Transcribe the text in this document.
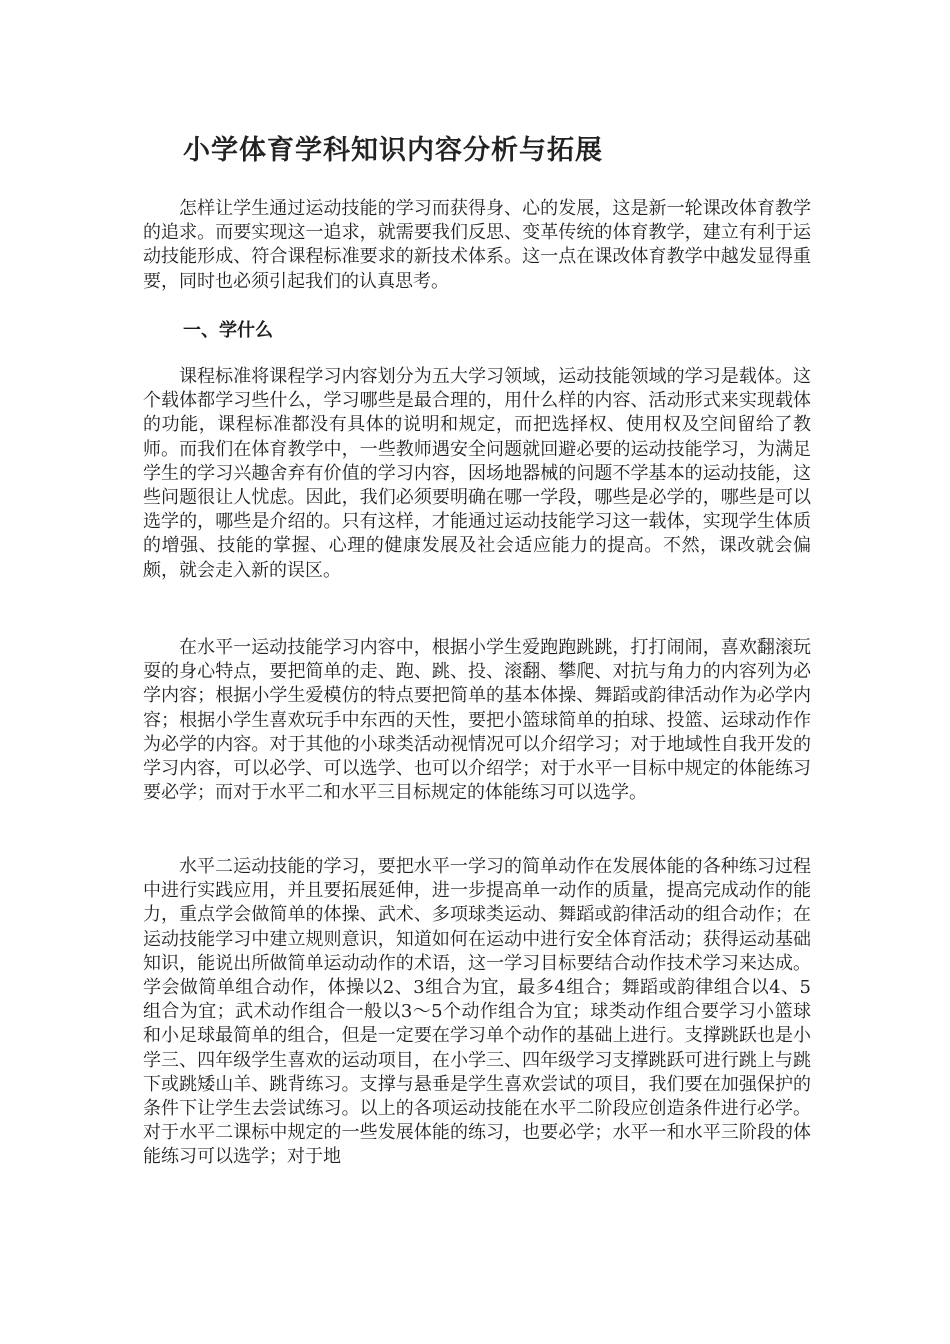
小学体育学科知识内容分析与拓展

怎样让学生通过运动技能的学习而获得身、心的发展，这是新一轮课改体育教学的追求。而要实现这一追求，就需要我们反思、变革传统的体育教学，建立有利于运动技能形成、符合课程标准要求的新技术体系。这一点在课改体育教学中越发显得重要，同时也必须引起我们的认真思考。

一、学什么

课程标准将课程学习内容划分为五大学习领域，运动技能领域的学习是载体。这个载体都学习些什么，学习哪些是最合理的，用什么样的内容、活动形式来实现载体的功能，课程标准都没有具体的说明和规定，而把选择权、使用权及空间留给了教师。而我们在体育教学中，一些教师遇安全问题就回避必要的运动技能学习，为满足学生的学习兴趣舍弃有价值的学习内容，因场地器械的问题不学基本的运动技能，这些问题很让人忧虑。因此，我们必须要明确在哪一学段，哪些是必学的，哪些是可以选学的，哪些是介绍的。只有这样，才能通过运动技能学习这一载体，实现学生体质的增强、技能的掌握、心理的健康发展及社会适应能力的提高。不然，课改就会偏颇，就会走入新的误区。

在水平一运动技能学习内容中，根据小学生爱跑跑跳跳，打打闹闹，喜欢翻滚玩耍的身心特点，要把简单的走、跑、跳、投、滚翻、攀爬、对抗与角力的内容列为必学内容；根据小学生爱模仿的特点要把简单的基本体操、舞蹈或韵律活动作为必学内容；根据小学生喜欢玩手中东西的天性，要把小篮球简单的拍球、投篮、运球动作作为必学的内容。对于其他的小球类活动视情况可以介绍学习；对于地域性自我开发的学习内容，可以必学、可以选学、也可以介绍学；对于水平一目标中规定的体能练习要必学；而对于水平二和水平三目标规定的体能练习可以选学。

水平二运动技能的学习，要把水平一学习的简单动作在发展体能的各种练习过程中进行实践应用，并且要拓展延伸，进一步提高单一动作的质量，提高完成动作的能力，重点学会做简单的体操、武术、多项球类运动、舞蹈或韵律活动的组合动作；在运动技能学习中建立规则意识，知道如何在运动中进行安全体育活动；获得运动基础知识，能说出所做简单运动动作的术语，这一学习目标要结合动作技术学习来达成。学会做简单组合动作，体操以2、3组合为宜，最多4组合；舞蹈或韵律组合以4、5组合为宜；武术动作组合一般以3～5个动作组合为宜；球类动作组合要学习小篮球和小足球最简单的组合，但是一定要在学习单个动作的基础上进行。支撑跳跃也是小学三、四年级学生喜欢的运动项目，在小学三、四年级学习支撑跳跃可进行跳上与跳下或跳矮山羊、跳背练习。支撑与悬垂是学生喜欢尝试的项目，我们要在加强保护的条件下让学生去尝试练习。以上的各项运动技能在水平二阶段应创造条件进行必学。对于水平二课标中规定的一些发展体能的练习，也要必学；水平一和水平三阶段的体能练习可以选学；对于地
